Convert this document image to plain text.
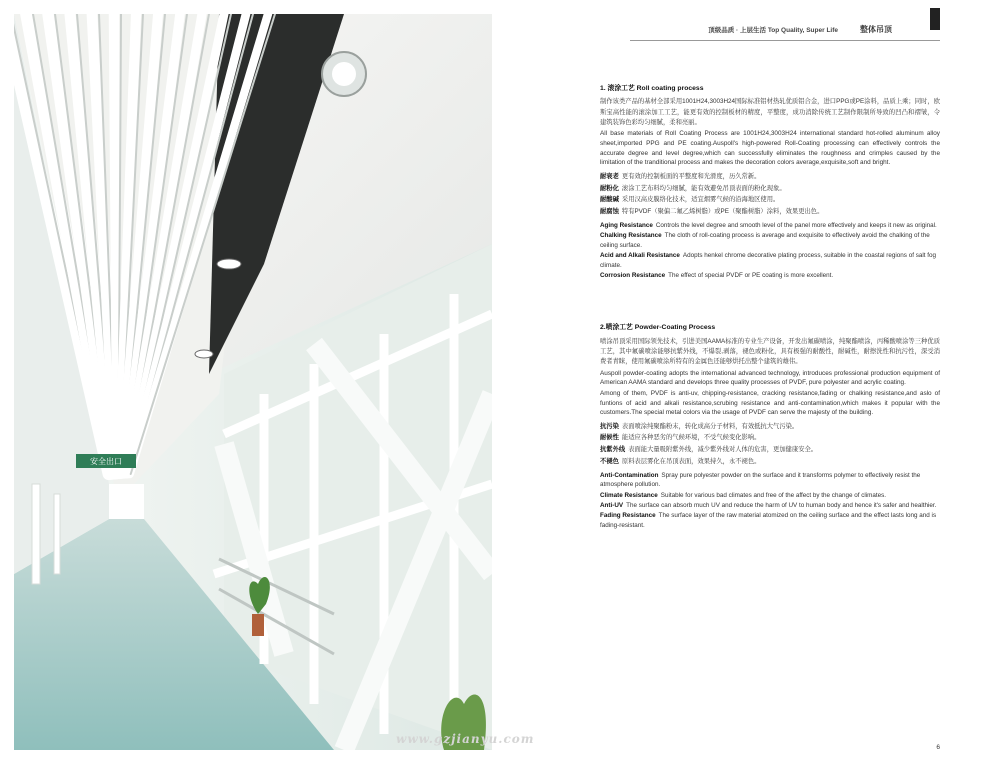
安全出口
顶级品质 · 上层生活 Top Quality, Super Life	整体吊顶
1. 滚涂工艺 Roll coating process

制作该类产品的基材全部采用1001H24,3003H24国际标准铝材热轧优质铝合金，进口PPG或PE涂料，品质上乘；同时，欧斯宝高性能的滚涂加工工艺，能更有效的控制板材的精度，平整度，成功消除传统工艺制作限制所导致的凹凸和褶皱，令建筑装饰色彩均匀细腻，柔和亮丽。

All base materials of Roll Coating Process are 1001H24,3003H24 international standard hot-rolled aluminum alloy sheet,imported PPG and PE coating.Auspoll's high-powered Roll-Coating processing can effectively controls the accurate degree and level degree,which can successfully eliminates the roughness and crimples caused by the limitation of the tranditional process and makes the decoration colors average,exquisite,soft and bright.

耐衰老 更有效的控制板面的平整度和光滑度，历久常新。
耐粉化 滚涂工艺布料均匀细腻，能有效避免吊顶表面的粉化现象。
耐酸碱 采用汉高皮膜络化技术，适宜烟雾气候的沿海地区使用。
耐腐蚀 特有PVDF（聚偏二氟乙烯树脂）或PE（聚酯树脂）涂料，效果更出色。
Aging Resistance Controls the level degree and smooth level of the panel more effectively and keeps it new as original.
Chalking Resistance The cloth of roll-coating process is average and exquisite to effectively avoid the chalking of the ceiling surface.
Acid and Alkali Resistance Adopts henkel chrome decorative plating process, suitable in the coastal regions of salt fog climate.
Corrosion Resistance The effect of special PVDF or PE coating is more excellent.
2.喷涂工艺 Powder-Coating Process

喷涂吊顶采用国际领先技术，引进美国AAMA标准的专业生产设备，开发出氟碳喷涂，纯聚酯喷涂，丙稀酸喷涂等三种优质工艺，其中氟碳喷涂能够抗紫外线，不爆裂,剥落，褪色或粉化，具有极强的耐酸性，耐碱性，耐擦洗性和抗污性，深受消费者青睐，使用氟碳喷涂所特有的金属色还能够烘托出整个建筑的雄伟。

Auspoll powder-coating adopts the international advanced technology, introduces professional production equipment of American AAMA standard and develops three quality processes of PVDF, pure polyester and acrylic coating.

Among of them, PVDF is anti-uv, chipping-resistance, cracking resistance,fading or chalking resistance,and aslo of funtions of acid and alkali resistance,scrubing resistance and anti-contamination,which makes it popular with the customers.The special metal colors via the usage of PVDF can serve the majesty of the building.

抗污染 表面喷涂纯聚酯粉末，转化成高分子材料，有效抵抗大气污染。
耐候性 能适应各种恶劣的气候环境，不受气候变化影响。
抗紫外线 表面能大量吸附紫外线，减少紫外线对人体的危害，更加健康安全。
不褪色 原料表层雾化在吊顶表面，效果持久，永不褪色。
Anti-Contamination Spray pure polyester powder on the surface and it transforms polymer to effectively resist the atmosphere pollution.
Climate Resistance Suitable for various bad climates and free of the affect by the change of climates.
Anti-UV The surface can absorb much UV and reduce the harm of UV to human body and hence it's safer and healthier.
Fading Resistance The surface layer of the raw material atomized on the ceiling surface and the effect lasts long and is fading-resistant.
6
www.gzjianyu.com
